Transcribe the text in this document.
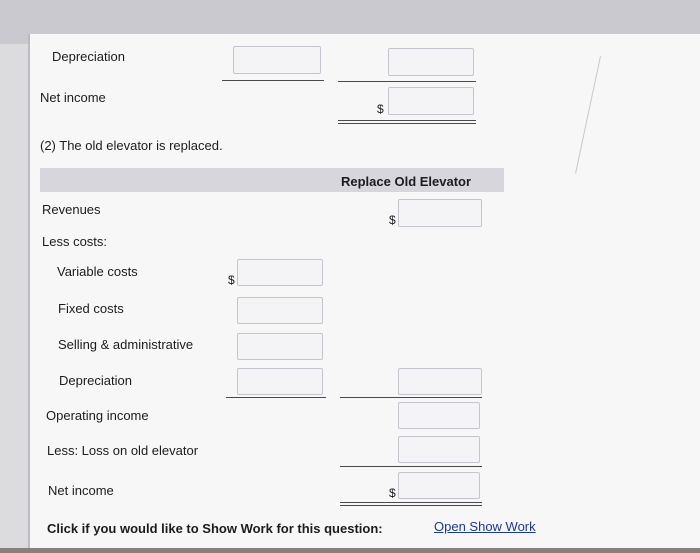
Depreciation
Net income
$
(2) The old elevator is replaced.
Replace Old Elevator
Revenues
$
Less costs:
Variable costs
$
Fixed costs
Selling & administrative
Depreciation
Operating income
Less: Loss on old elevator
Net income	$
Click if you would like to Show Work for this question:	Open Show Work
